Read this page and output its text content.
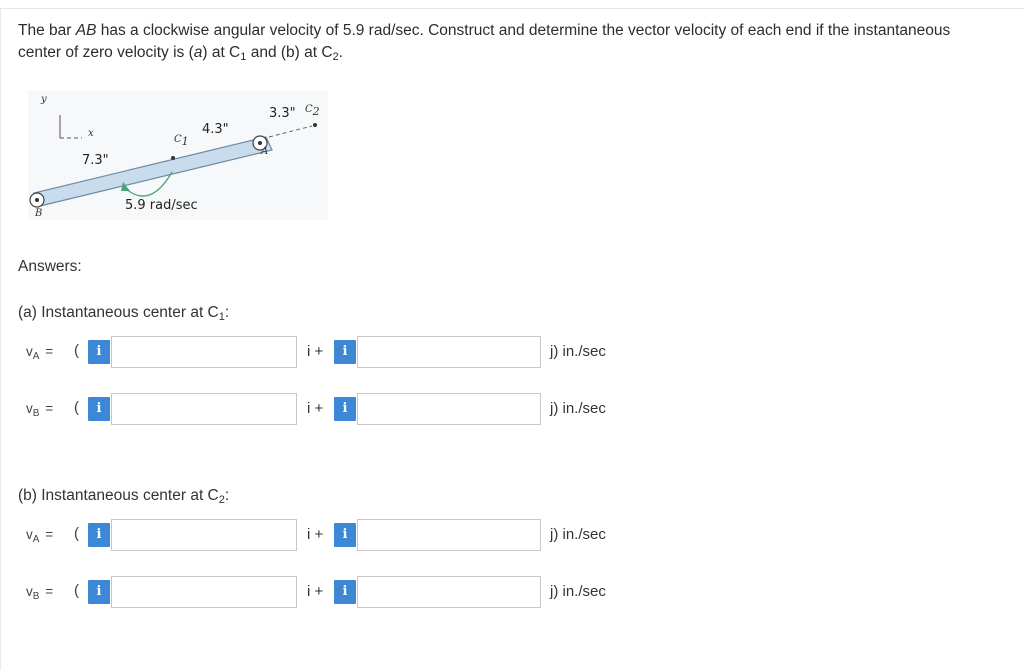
The bar AB has a clockwise angular velocity of 5.9 rad/sec. Construct and determine the vector velocity of each end if the instantaneous center of zero velocity is (a) at $C_1$ and (b) at $C_2$.
y
x
7.3"
4.3"
3.3"
$C_1$
$C_2$
A
B
5.9 rad/sec
Answers:
(a) Instantaneous center at $C_1$:
$v_A$ = (	i	i +	i	j) in./sec
$v_B$ = (	i	i +	i	j) in./sec
(b) Instantaneous center at $C_2$:
$v_A$ = (	i	i +	i	j) in./sec
$v_B$ = (	i	i +	i	j) in./sec
